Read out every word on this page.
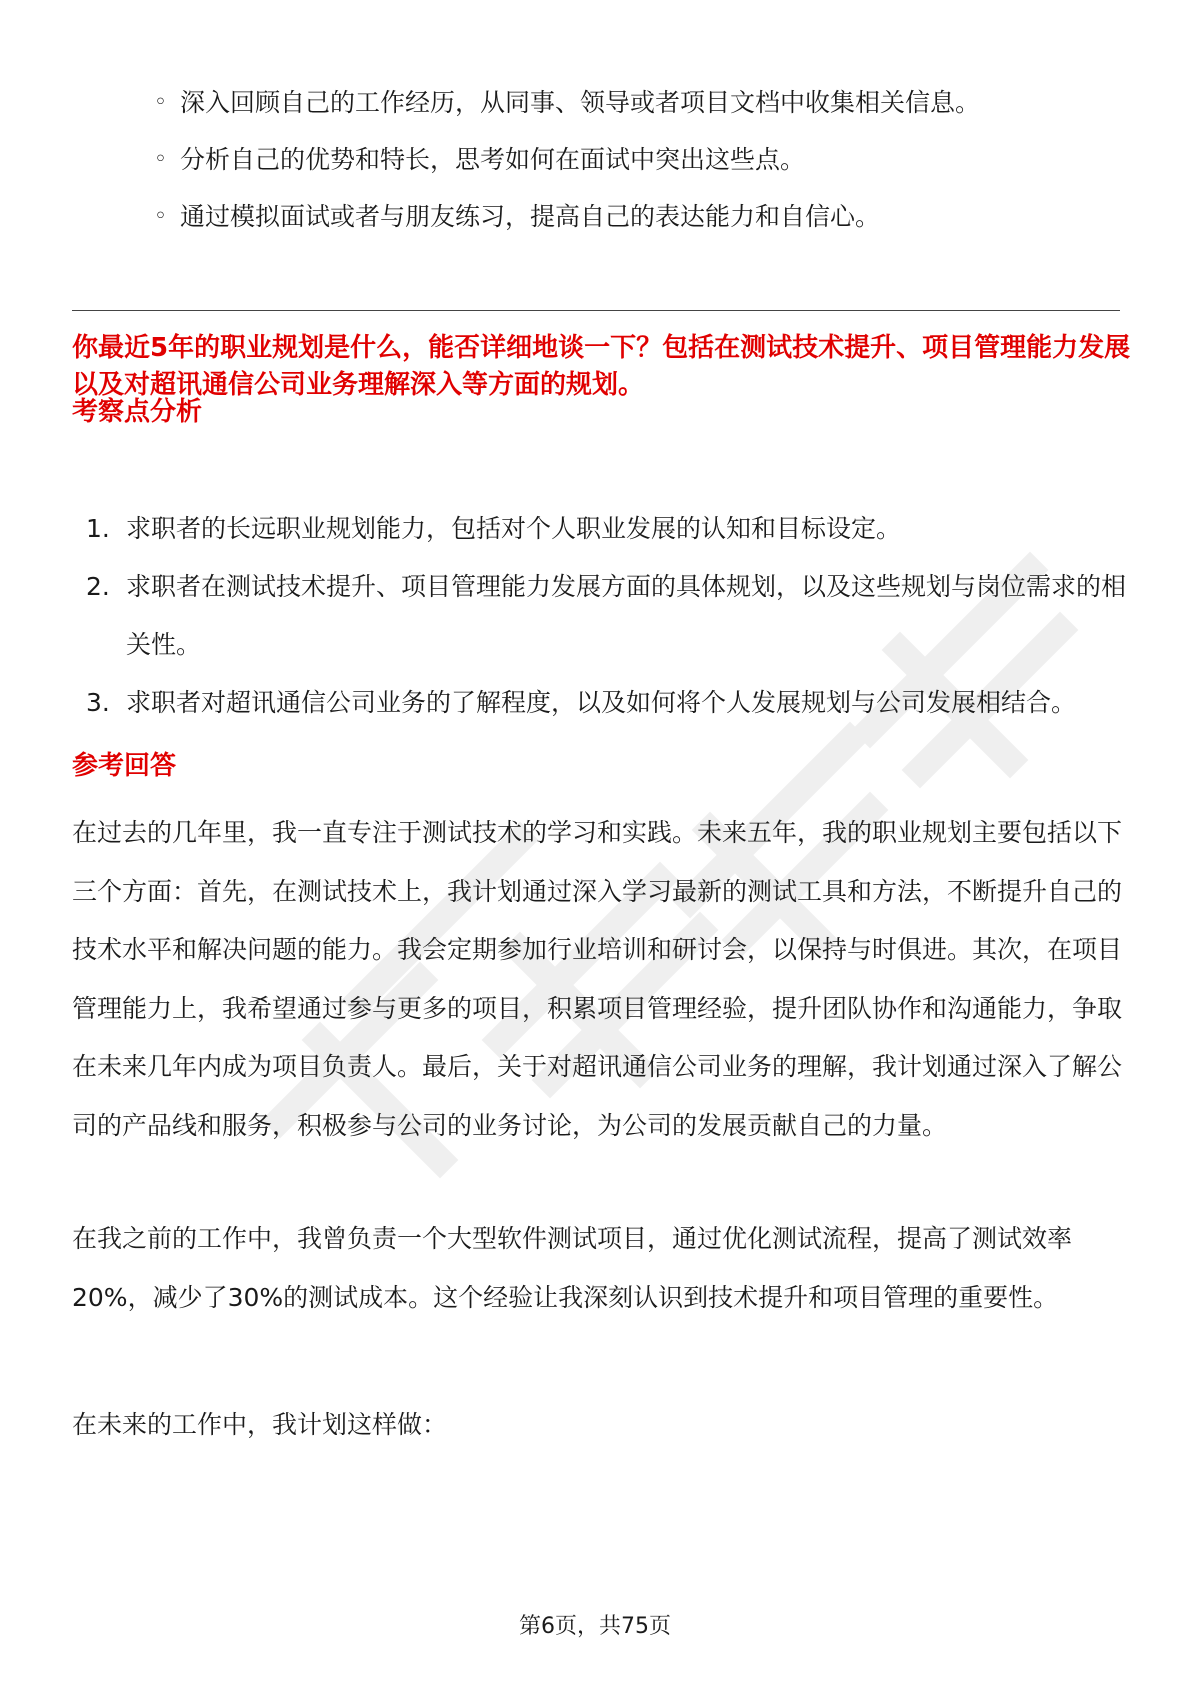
◦ 深入回顾自己的工作经历，从同事、领导或者项目文档中收集相关信息。
◦ 分析自己的优势和特长，思考如何在面试中突出这些点。
◦ 通过模拟面试或者与朋友练习，提高自己的表达能力和自信心。

你最近5年的职业规划是什么，能否详细地谈一下？包括在测试技术提升、项目管理能力发展以及对超讯通信公司业务理解深入等方面的规划。

考察点分析
1. 求职者的长远职业规划能力，包括对个人职业发展的认知和目标设定。
2. 求职者在测试技术提升、项目管理能力发展方面的具体规划，以及这些规划与岗位需求的相关性。
3. 求职者对超讯通信公司业务的了解程度，以及如何将个人发展规划与公司发展相结合。
参考回答

在过去的几年里，我一直专注于测试技术的学习和实践。未来五年，我的职业规划主要包括以下三个方面：首先，在测试技术上，我计划通过深入学习最新的测试工具和方法，不断提升自己的技术水平和解决问题的能力。我会定期参加行业培训和研讨会，以保持与时俱进。其次，在项目管理能力上，我希望通过参与更多的项目，积累项目管理经验，提升团队协作和沟通能力，争取在未来几年内成为项目负责人。最后，关于对超讯通信公司业务的理解，我计划通过深入了解公司的产品线和服务，积极参与公司的业务讨论，为公司的发展贡献自己的力量。

在我之前的工作中，我曾负责一个大型软件测试项目，通过优化测试流程，提高了测试效率20%，减少了30%的测试成本。这个经验让我深刻认识到技术提升和项目管理的重要性。

在未来的工作中，我计划这样做：

第6页，共75页
